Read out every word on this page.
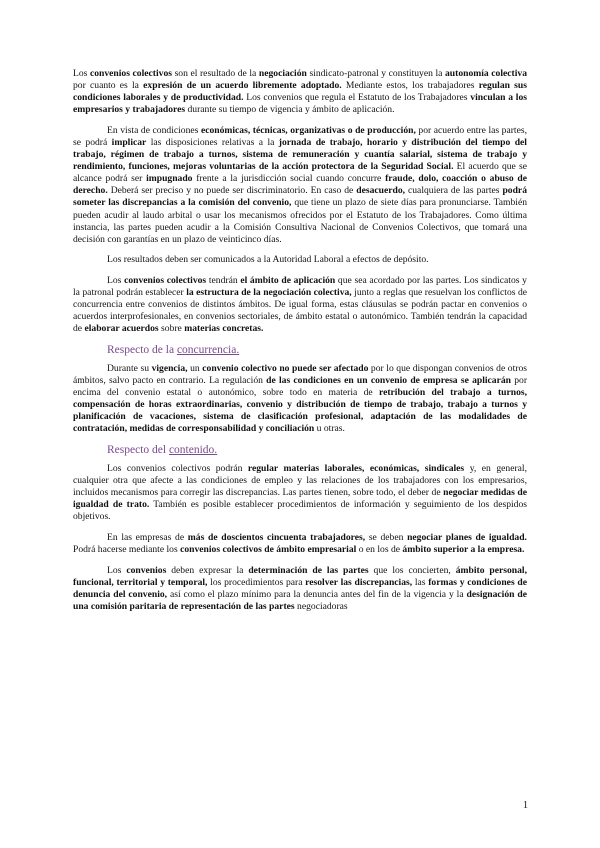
Los convenios colectivos son el resultado de la negociación sindicato-patronal y constituyen la autonomía colectiva por cuanto es la expresión de un acuerdo libremente adoptado. Mediante estos, los trabajadores regulan sus condiciones laborales y de productividad. Los convenios que regula el Estatuto de los Trabajadores vinculan a los empresarios y trabajadores durante su tiempo de vigencia y ámbito de aplicación.

En vista de condiciones económicas, técnicas, organizativas o de producción, por acuerdo entre las partes, se podrá implicar las disposiciones relativas a la jornada de trabajo, horario y distribución del tiempo del trabajo, régimen de trabajo a turnos, sistema de remuneración y cuantía salarial, sistema de trabajo y rendimiento, funciones, mejoras voluntarias de la acción protectora de la Seguridad Social. El acuerdo que se alcance podrá ser impugnado frente a la jurisdicción social cuando concurre fraude, dolo, coacción o abuso de derecho. Deberá ser preciso y no puede ser discriminatorio. En caso de desacuerdo, cualquiera de las partes podrá someter las discrepancias a la comisión del convenio, que tiene un plazo de siete días para pronunciarse. También pueden acudir al laudo arbital o usar los mecanismos ofrecidos por el Estatuto de los Trabajadores. Como última instancia, las partes pueden acudir a la Comisión Consultiva Nacional de Convenios Colectivos, que tomará una decisión con garantías en un plazo de veinticinco días.

Los resultados deben ser comunicados a la Autoridad Laboral a efectos de depósito.

Los convenios colectivos tendrán el ámbito de aplicación que sea acordado por las partes. Los sindicatos y la patronal podrán establecer la estructura de la negociación colectiva, junto a reglas que resuelvan los conflictos de concurrencia entre convenios de distintos ámbitos. De igual forma, estas cláusulas se podrán pactar en convenios o acuerdos interprofesionales, en convenios sectoriales, de ámbito estatal o autonómico. También tendrán la capacidad de elaborar acuerdos sobre materias concretas.

Respecto de la concurrencia.

Durante su vigencia, un convenio colectivo no puede ser afectado por lo que dispongan convenios de otros ámbitos, salvo pacto en contrario. La regulación de las condiciones en un convenio de empresa se aplicarán por encima del convenio estatal o autonómico, sobre todo en materia de retribución del trabajo a turnos, compensación de horas extraordinarias, convenio y distribución de tiempo de trabajo, trabajo a turnos y planificación de vacaciones, sistema de clasificación profesional, adaptación de las modalidades de contratación, medidas de corresponsabilidad y conciliación u otras.

Respecto del contenido.

Los convenios colectivos podrán regular materias laborales, económicas, sindicales y, en general, cualquier otra que afecte a las condiciones de empleo y las relaciones de los trabajadores con los empresarios, incluidos mecanismos para corregir las discrepancias. Las partes tienen, sobre todo, el deber de negociar medidas de igualdad de trato. También es posible establecer procedimientos de información y seguimiento de los despidos objetivos.

En las empresas de más de doscientos cincuenta trabajadores, se deben negociar planes de igualdad. Podrá hacerse mediante los convenios colectivos de ámbito empresarial o en los de ámbito superior a la empresa.

Los convenios deben expresar la determinación de las partes que los concierten, ámbito personal, funcional, territorial y temporal, los procedimientos para resolver las discrepancias, las formas y condiciones de denuncia del convenio, así como el plazo mínimo para la denuncia antes del fin de la vigencia y la designación de una comisión paritaria de representación de las partes negociadoras

1
